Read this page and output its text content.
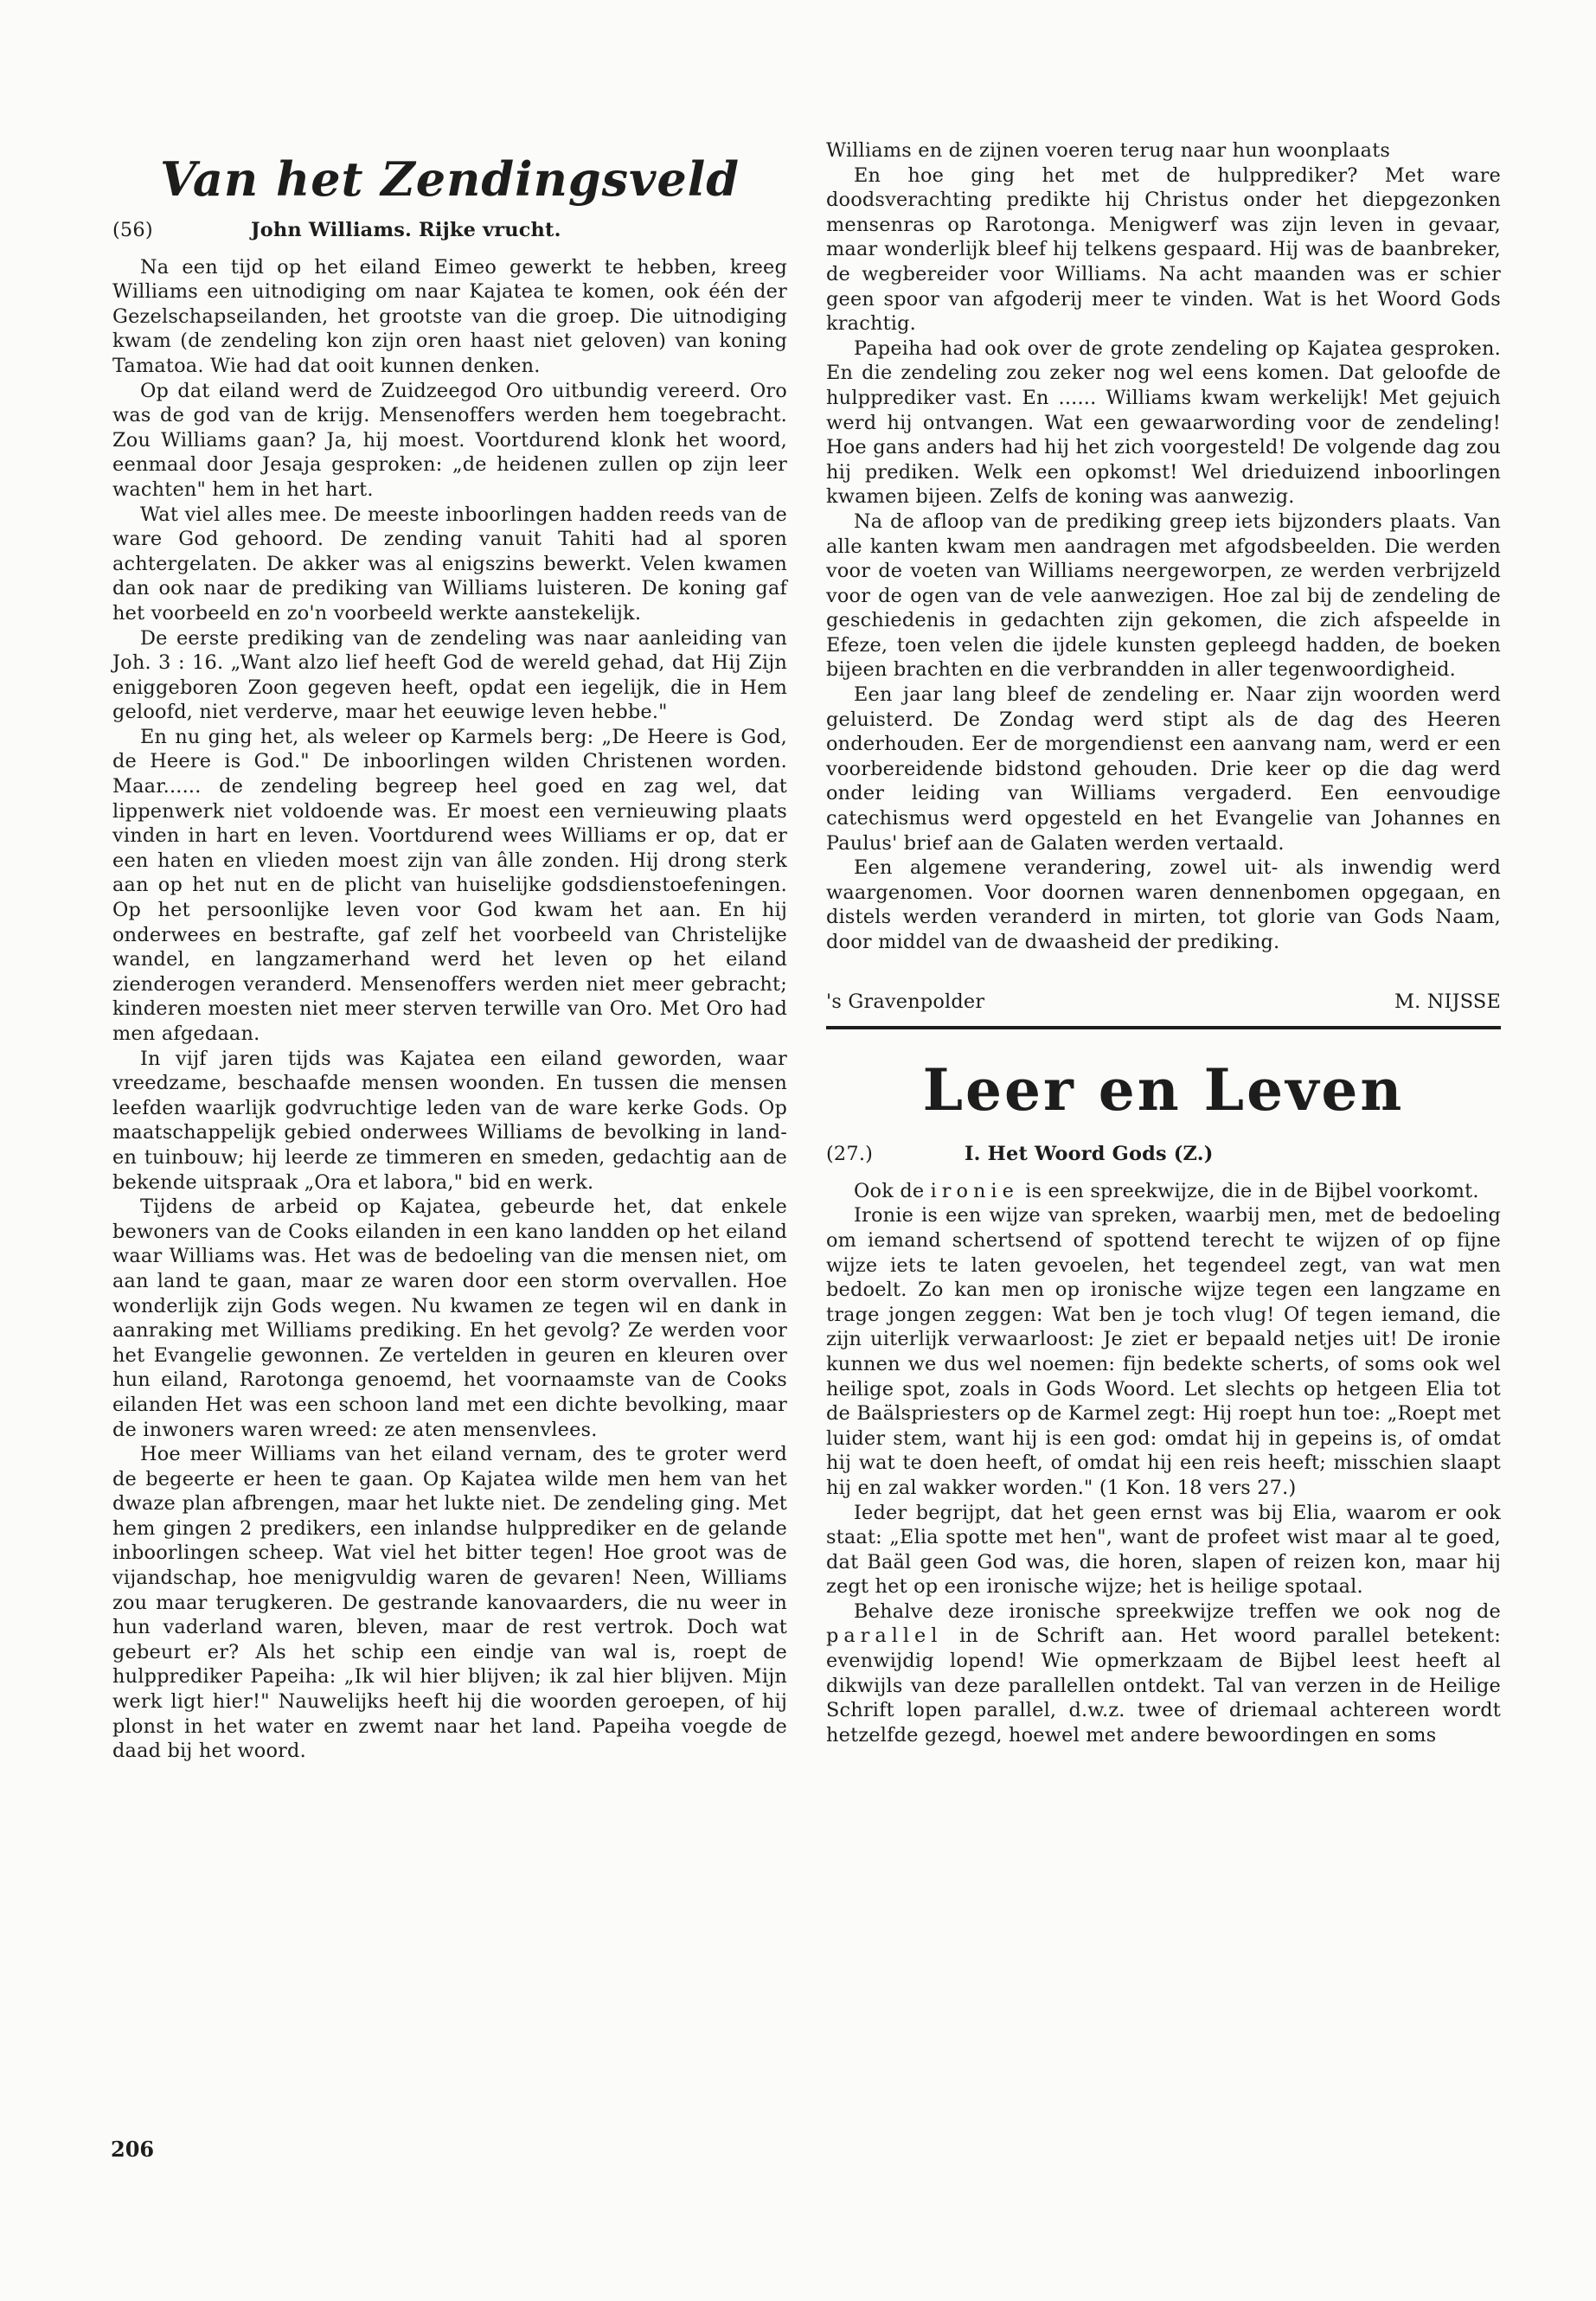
Van het Zendingsveld
(56)	John Williams. Rijke vrucht.

Na een tijd op het eiland Eimeo gewerkt te hebben, kreeg Williams een uitnodiging om naar Kajatea te komen, ook één der Gezelschapseilanden, het grootste van die groep. Die uitnodiging kwam (de zendeling kon zijn oren haast niet geloven) van koning Tamatoa. Wie had dat ooit kunnen denken.

Op dat eiland werd de Zuidzeegod Oro uitbundig vereerd. Oro was de god van de krijg. Mensenoffers werden hem toegebracht. Zou Williams gaan? Ja, hij moest. Voortdurend klonk het woord, eenmaal door Jesaja gesproken: „de heidenen zullen op zijn leer wachten" hem in het hart.

Wat viel alles mee. De meeste inboorlingen hadden reeds van de ware God gehoord. De zending vanuit Tahiti had al sporen achtergelaten. De akker was al enigszins bewerkt. Velen kwamen dan ook naar de prediking van Williams luisteren. De koning gaf het voorbeeld en zo'n voorbeeld werkte aanstekelijk.

De eerste prediking van de zendeling was naar aanleiding van Joh. 3 : 16. „Want alzo lief heeft God de wereld gehad, dat Hij Zijn eniggeboren Zoon gegeven heeft, opdat een iegelijk, die in Hem geloofd, niet verderve, maar het eeuwige leven hebbe."

En nu ging het, als weleer op Karmels berg: „De Heere is God, de Heere is God." De inboorlingen wilden Christenen worden. Maar...... de zendeling begreep heel goed en zag wel, dat lippenwerk niet voldoende was. Er moest een vernieuwing plaats vinden in hart en leven. Voortdurend wees Williams er op, dat er een haten en vlieden moest zijn van âlle zonden. Hij drong sterk aan op het nut en de plicht van huiselijke godsdienstoefeningen. Op het persoonlijke leven voor God kwam het aan. En hij onderwees en bestrafte, gaf zelf het voorbeeld van Christelijke wandel, en langzamerhand werd het leven op het eiland zienderogen veranderd. Mensenoffers werden niet meer gebracht; kinderen moesten niet meer sterven terwille van Oro. Met Oro had men afgedaan.

In vijf jaren tijds was Kajatea een eiland geworden, waar vreedzame, beschaafde mensen woonden. En tussen die mensen leefden waarlijk godvruchtige leden van de ware kerke Gods. Op maatschappelijk gebied onderwees Williams de bevolking in land- en tuinbouw; hij leerde ze timmeren en smeden, gedachtig aan de bekende uitspraak „Ora et labora," bid en werk.

Tijdens de arbeid op Kajatea, gebeurde het, dat enkele bewoners van de Cooks eilanden in een kano landden op het eiland waar Williams was. Het was de bedoeling van die mensen niet, om aan land te gaan, maar ze waren door een storm overvallen. Hoe wonderlijk zijn Gods wegen. Nu kwamen ze tegen wil en dank in aanraking met Williams prediking. En het gevolg? Ze werden voor het Evangelie gewonnen. Ze vertelden in geuren en kleuren over hun eiland, Rarotonga genoemd, het voornaamste van de Cooks eilanden Het was een schoon land met een dichte bevolking, maar de inwoners waren wreed: ze aten mensenvlees.

Hoe meer Williams van het eiland vernam, des te groter werd de begeerte er heen te gaan. Op Kajatea wilde men hem van het dwaze plan afbrengen, maar het lukte niet. De zendeling ging. Met hem gingen 2 predikers, een inlandse hulpprediker en de gelande inboorlingen scheep. Wat viel het bitter tegen! Hoe groot was de vijandschap, hoe menigvuldig waren de gevaren! Neen, Williams zou maar terugkeren. De gestrande kanovaarders, die nu weer in hun vaderland waren, bleven, maar de rest vertrok. Doch wat gebeurt er? Als het schip een eindje van wal is, roept de hulpprediker Papeiha: „Ik wil hier blijven; ik zal hier blijven. Mijn werk ligt hier!" Nauwelijks heeft hij die woorden geroepen, of hij plonst in het water en zwemt naar het land. Papeiha voegde de daad bij het woord.

Williams en de zijnen voeren terug naar hun woonplaats

En hoe ging het met de hulpprediker? Met ware doodsverachting predikte hij Christus onder het diepgezonken mensenras op Rarotonga. Menigwerf was zijn leven in gevaar, maar wonderlijk bleef hij telkens gespaard. Hij was de baanbreker, de wegbereider voor Williams. Na acht maanden was er schier geen spoor van afgoderij meer te vinden. Wat is het Woord Gods krachtig.

Papeiha had ook over de grote zendeling op Kajatea gesproken. En die zendeling zou zeker nog wel eens komen. Dat geloofde de hulpprediker vast. En ...... Williams kwam werkelijk! Met gejuich werd hij ontvangen. Wat een gewaarwording voor de zendeling! Hoe gans anders had hij het zich voorgesteld! De volgende dag zou hij prediken. Welk een opkomst! Wel drieduizend inboorlingen kwamen bijeen. Zelfs de koning was aanwezig.

Na de afloop van de prediking greep iets bijzonders plaats. Van alle kanten kwam men aandragen met afgodsbeelden. Die werden voor de voeten van Williams neergeworpen, ze werden verbrijzeld voor de ogen van de vele aanwezigen. Hoe zal bij de zendeling de geschiedenis in gedachten zijn gekomen, die zich afspeelde in Efeze, toen velen die ijdele kunsten gepleegd hadden, de boeken bijeen brachten en die verbrandden in aller tegenwoordigheid.

Een jaar lang bleef de zendeling er. Naar zijn woorden werd geluisterd. De Zondag werd stipt als de dag des Heeren onderhouden. Eer de morgendienst een aanvang nam, werd er een voorbereidende bidstond gehouden. Drie keer op die dag werd onder leiding van Williams vergaderd. Een eenvoudige catechismus werd opgesteld en het Evangelie van Johannes en Paulus' brief aan de Galaten werden vertaald.

Een algemene verandering, zowel uit- als inwendig werd waargenomen. Voor doornen waren dennenbomen opgegaan, en distels werden veranderd in mirten, tot glorie van Gods Naam, door middel van de dwaasheid der prediking.

's Gravenpolder	M. NIJSSE
Leer en Leven
(27.)	I. Het Woord Gods (Z.)

Ook de ironie is een spreekwijze, die in de Bijbel voorkomt.

Ironie is een wijze van spreken, waarbij men, met de bedoeling om iemand schertsend of spottend terecht te wijzen of op fijne wijze iets te laten gevoelen, het tegendeel zegt, van wat men bedoelt. Zo kan men op ironische wijze tegen een langzame en trage jongen zeggen: Wat ben je toch vlug! Of tegen iemand, die zijn uiterlijk verwaarloost: Je ziet er bepaald netjes uit! De ironie kunnen we dus wel noemen: fijn bedekte scherts, of soms ook wel heilige spot, zoals in Gods Woord. Let slechts op hetgeen Elia tot de Baälspriesters op de Karmel zegt: Hij roept hun toe: „Roept met luider stem, want hij is een god: omdat hij in gepeins is, of omdat hij wat te doen heeft, of omdat hij een reis heeft; misschien slaapt hij en zal wakker worden." (1 Kon. 18 vers 27.)

Ieder begrijpt, dat het geen ernst was bij Elia, waarom er ook staat: „Elia spotte met hen", want de profeet wist maar al te goed, dat Baäl geen God was, die horen, slapen of reizen kon, maar hij zegt het op een ironische wijze; het is heilige spotaal.

Behalve deze ironische spreekwijze treffen we ook nog de parallel in de Schrift aan. Het woord parallel betekent: evenwijdig lopend! Wie opmerkzaam de Bijbel leest heeft al dikwijls van deze parallellen ontdekt. Tal van verzen in de Heilige Schrift lopen parallel, d.w.z. twee of driemaal achtereen wordt hetzelfde gezegd, hoewel met andere bewoordingen en soms

206
